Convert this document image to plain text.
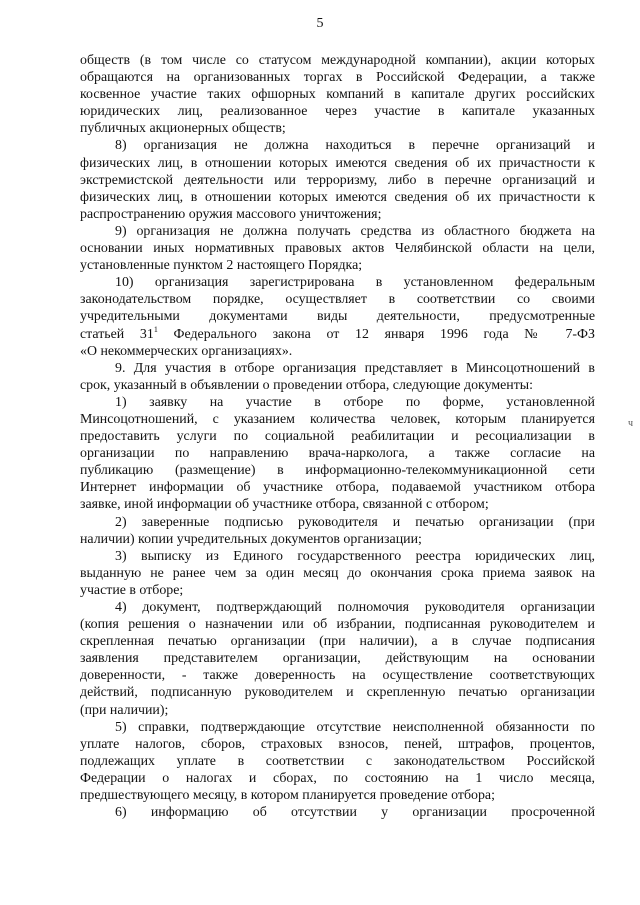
5
обществ (в том числе со статусом международной компании), акции которых
обращаются на организованных торгах в Российской Федерации, а также
косвенное участие таких офшорных компаний в капитале других российских
юридических лиц, реализованное через участие в капитале указанных
публичных акционерных обществ;
8) организация не должна находиться в перечне организаций и
физических лиц, в отношении которых имеются сведения об их причастности к
экстремистской деятельности или терроризму, либо в перечне организаций и
физических лиц, в отношении которых имеются сведения об их причастности к
распространению оружия массового уничтожения;
9) организация не должна получать средства из областного бюджета на
основании иных нормативных правовых актов Челябинской области на цели,
установленные пунктом 2 настоящего Порядка;
10) организация зарегистрирована в установленном федеральным
законодательством порядке, осуществляет в соответствии со своими
учредительными документами виды деятельности, предусмотренные
статьей $31^1$ Федерального закона от 12 января 1996 года № 7-ФЗ
«О некоммерческих организациях».
9. Для участия в отборе организация представляет в Минсоцотношений в
срок, указанный в объявлении о проведении отбора, следующие документы:
1) заявку на участие в отборе по форме, установленной
Минсоцотношений, с указанием количества человек, которым планируется
предоставить услуги по социальной реабилитации и ресоциализации в
организации по направлению врача-нарколога, а также согласие на
публикацию (размещение) в информационно-телекоммуникационной сети
Интернет информации об участнике отбора, подаваемой участником отбора
заявке, иной информации об участнике отбора, связанной с отбором;
2) заверенные подписью руководителя и печатью организации (при
наличии) копии учредительных документов организации;
3) выписку из Единого государственного реестра юридических лиц,
выданную не ранее чем за один месяц до окончания срока приема заявок на
участие в отборе;
4) документ, подтверждающий полномочия руководителя организации
(копия решения о назначении или об избрании, подписанная руководителем и
скрепленная печатью организации (при наличии), а в случае подписания
заявления представителем организации, действующим на основании
доверенности, - также доверенность на осуществление соответствующих
действий, подписанную руководителем и скрепленную печатью организации
(при наличии);
5) справки, подтверждающие отсутствие неисполненной обязанности по
уплате налогов, сборов, страховых взносов, пеней, штрафов, процентов,
подлежащих уплате в соответствии с законодательством Российской
Федерации о налогах и сборах, по состоянию на 1 число месяца,
предшествующего месяцу, в котором планируется проведение отбора;
6) информацию об отсутствии у организации просроченной
ч
